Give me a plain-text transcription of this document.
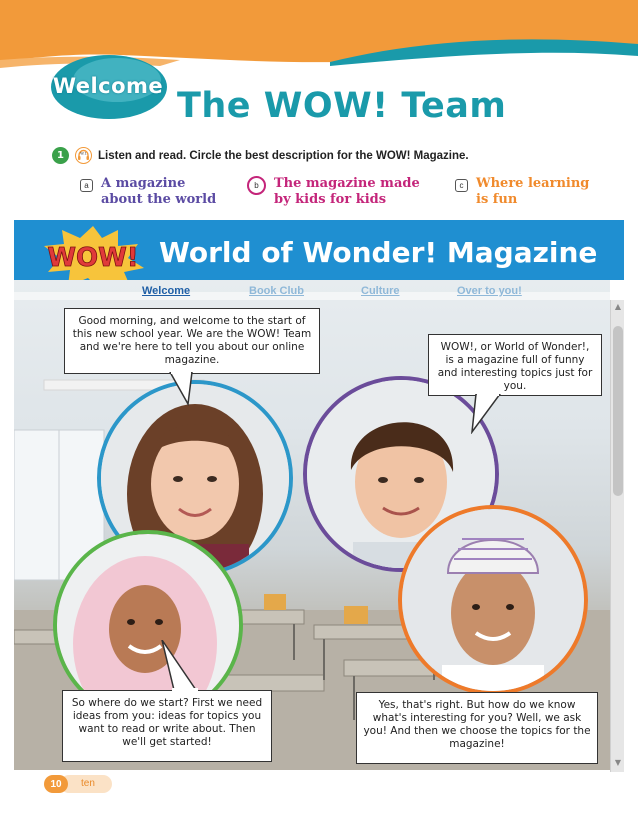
Welcome The WOW! Team
1	W.1 Listen and read. Circle the best description for the WOW! Magazine.
a A magazine
about the world
b	The magazine made
by kids for kids
c Where learning
is fun
WOW! World of Wonder! Magazine
Welcome	Book Club	Culture	Over to you!
Good morning, and welcome to the start of this new school year. We are the WOW! Team and we're here to tell you about our online magazine.
WOW!, or World of Wonder!, is a magazine full of funny and interesting topics just for you.
So where do we start? First we need ideas from you: ideas for topics you want to read or write about. Then we'll get started!
Yes, that's right. But how do we know what's interesting for you? Well, we ask you! And then we choose the topics for the magazine!
▲
▼
ten
10
